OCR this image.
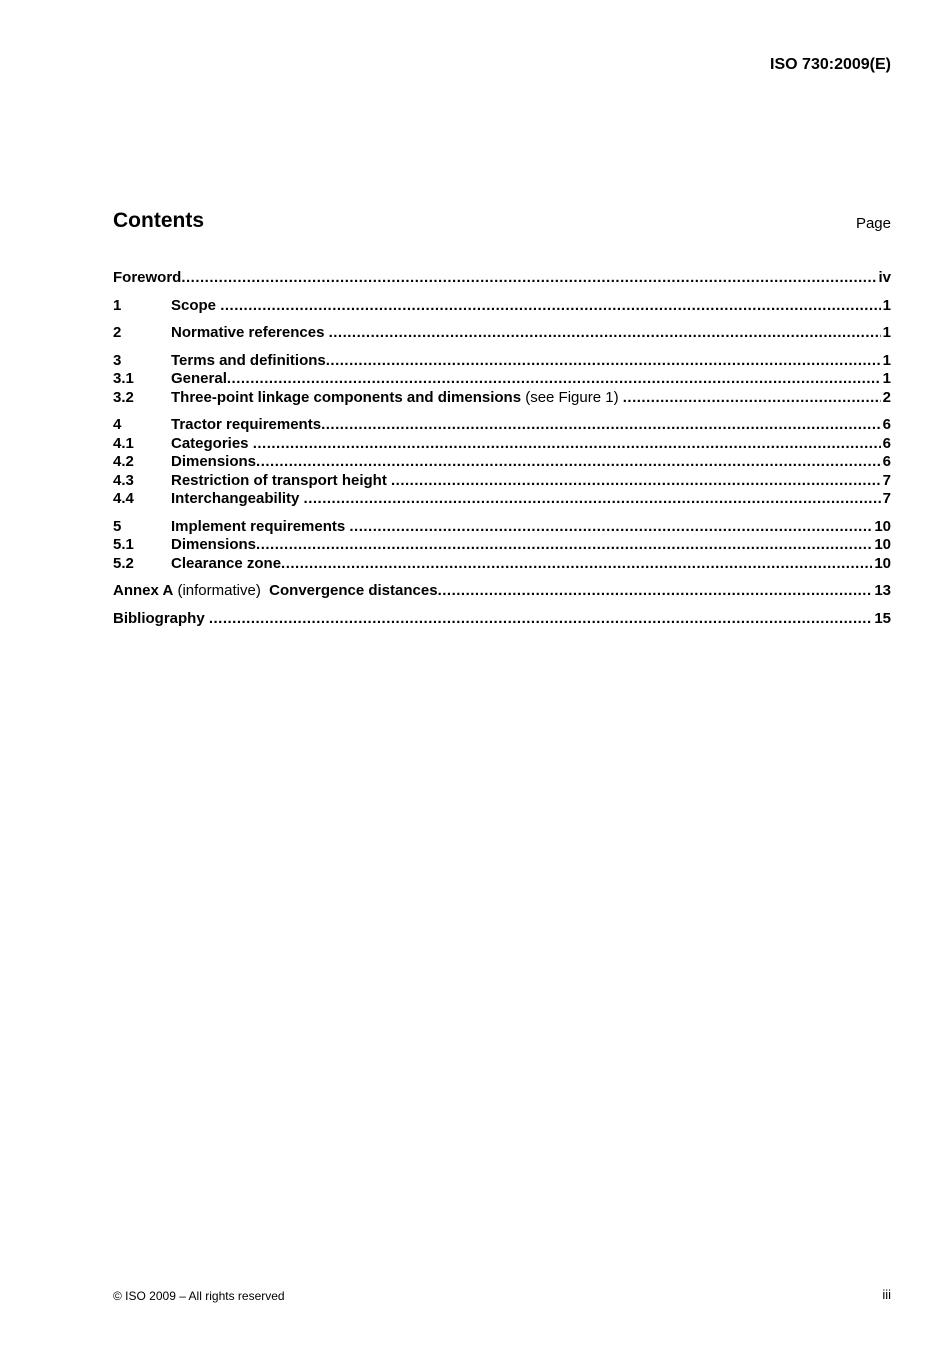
ISO 730:2009(E)
Contents	Page
Foreword .....	iv
1	Scope .....	1
2	Normative references .....	1
3	Terms and definitions .....	1
3.1	General .....	1
3.2	Three-point linkage components and dimensions (see Figure 1) .....	2
4	Tractor requirements .....	6
4.1	Categories .....	6
4.2	Dimensions .....	6
4.3	Restriction of transport height .....	7
4.4	Interchangeability .....	7
5	Implement requirements .....	10
5.1	Dimensions .....	10
5.2	Clearance zone .....	10
Annex A (informative)  Convergence distances .....	13
Bibliography .....	15
© ISO 2009 – All rights reserved	iii
